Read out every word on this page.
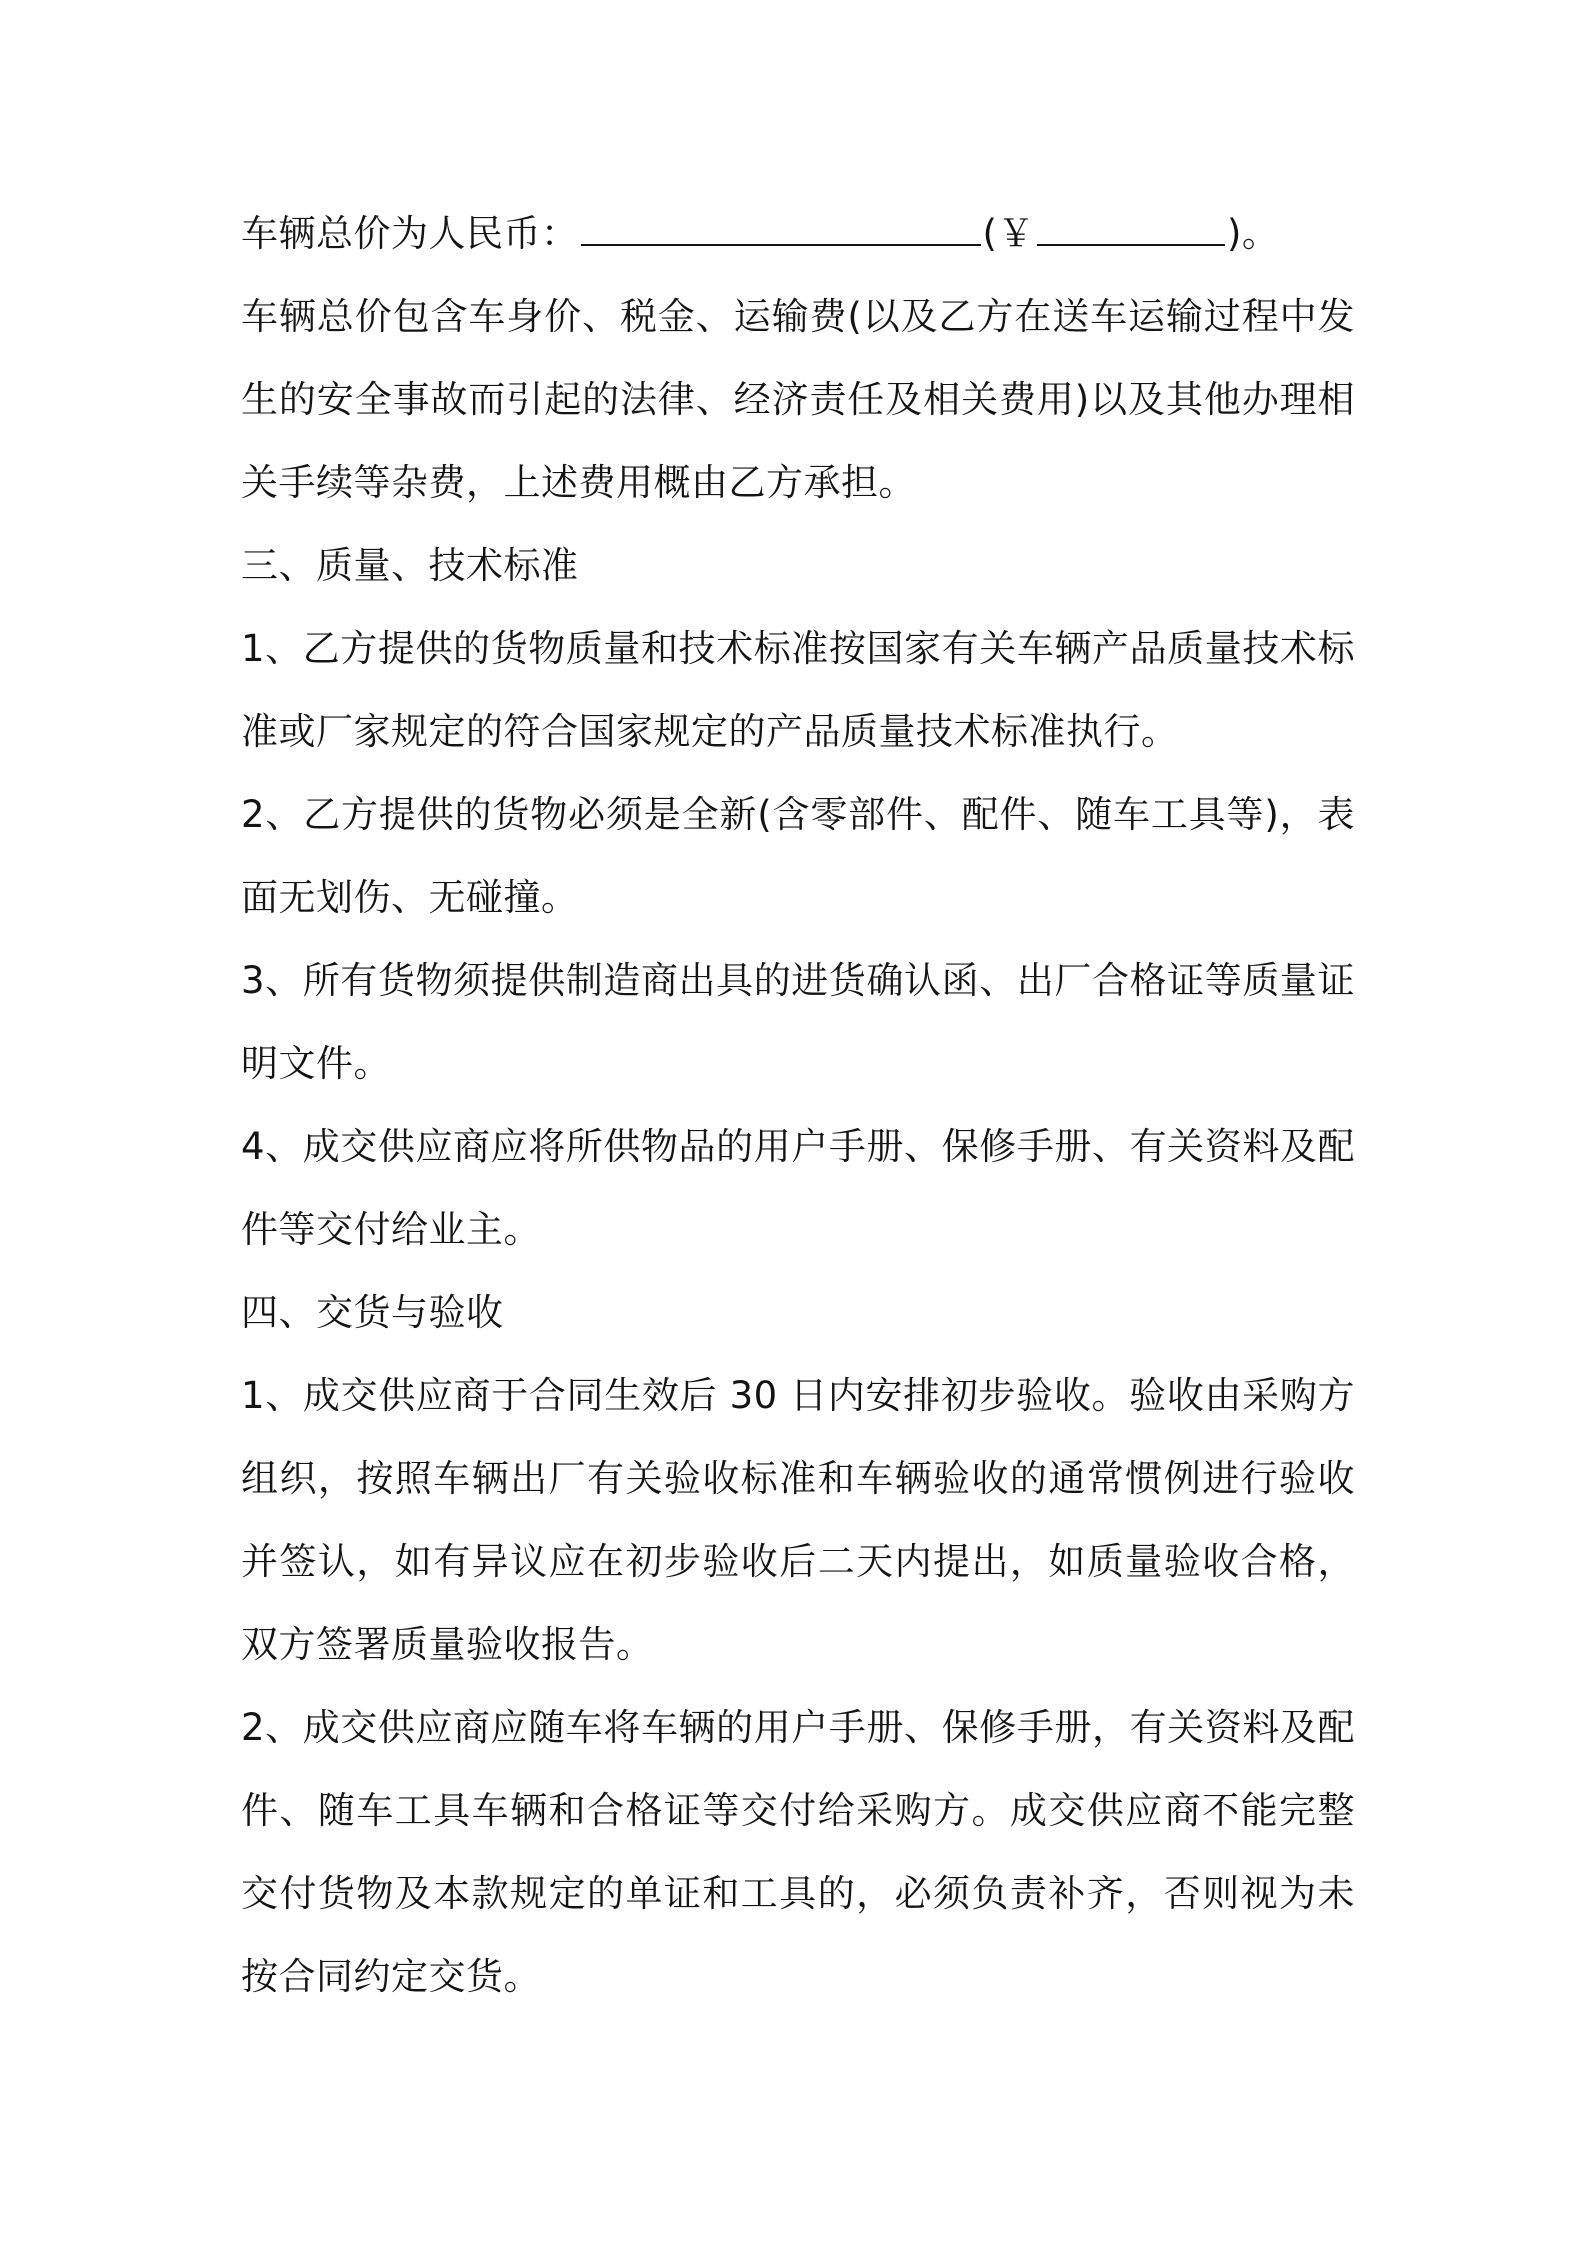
车辆总价为人民币：	(￥	)。

车辆总价包含车身价、税金、运输费(以及乙方在送车运输过程中发生的安全事故而引起的法律、经济责任及相关费用)以及其他办理相关手续等杂费，上述费用概由乙方承担。

三、质量、技术标准

1、乙方提供的货物质量和技术标准按国家有关车辆产品质量技术标准或厂家规定的符合国家规定的产品质量技术标准执行。

2、乙方提供的货物必须是全新(含零部件、配件、随车工具等)，表面无划伤、无碰撞。

3、所有货物须提供制造商出具的进货确认函、出厂合格证等质量证明文件。

4、成交供应商应将所供物品的用户手册、保修手册、有关资料及配件等交付给业主。

四、交货与验收

1、成交供应商于合同生效后 30 日内安排初步验收。验收由采购方组织，按照车辆出厂有关验收标准和车辆验收的通常惯例进行验收并签认，如有异议应在初步验收后二天内提出，如质量验收合格，双方签署质量验收报告。

2、成交供应商应随车将车辆的用户手册、保修手册，有关资料及配件、随车工具车辆和合格证等交付给采购方。成交供应商不能完整交付货物及本款规定的单证和工具的，必须负责补齐，否则视为未按合同约定交货。
